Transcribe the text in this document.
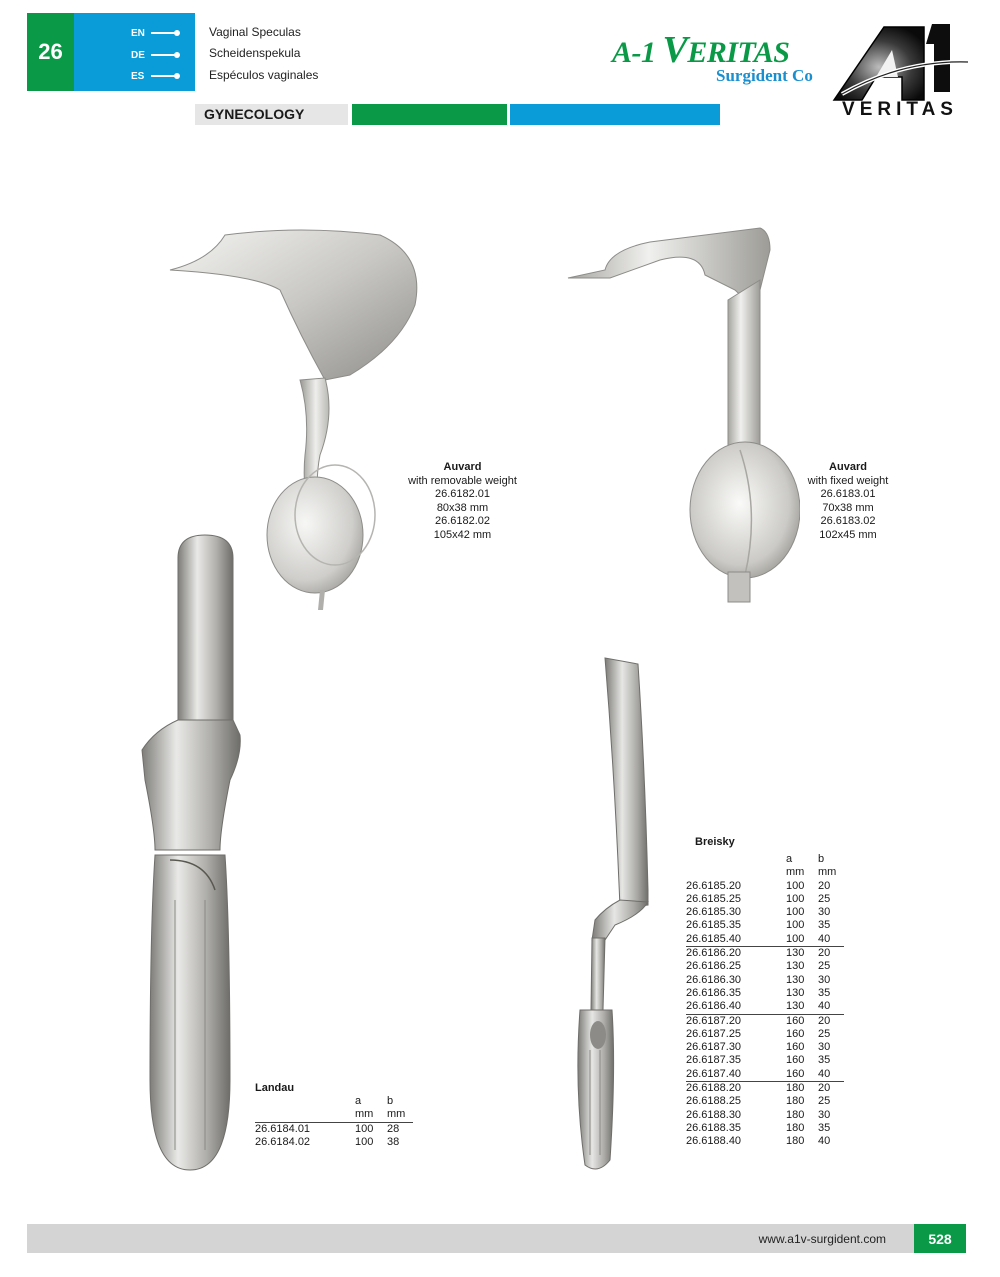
26
EN
DE
ES
Vaginal Speculas
Scheidenspekula
Espéculos vaginales
GYNECOLOGY
A-1 VERITAS
Surgident Co
VERITAS
Auvard
with removable weight
26.6182.01
80x38 mm
26.6182.02
105x42 mm
Auvard
with fixed weight
26.6183.01
70x38 mm
26.6183.02
102x45 mm
Landau
	a	b
	mm	mm
26.6184.01	100	28
26.6184.02	100	38
Breisky
	a	b
	mm	mm
26.6185.20	100	20
26.6185.25	100	25
26.6185.30	100	30
26.6185.35	100	35
26.6185.40	100	40
26.6186.20	130	20
26.6186.25	130	25
26.6186.30	130	30
26.6186.35	130	35
26.6186.40	130	40
26.6187.20	160	20
26.6187.25	160	25
26.6187.30	160	30
26.6187.35	160	35
26.6187.40	160	40
26.6188.20	180	20
26.6188.25	180	25
26.6188.30	180	30
26.6188.35	180	35
26.6188.40	180	40
www.a1v-surgident.com	528
